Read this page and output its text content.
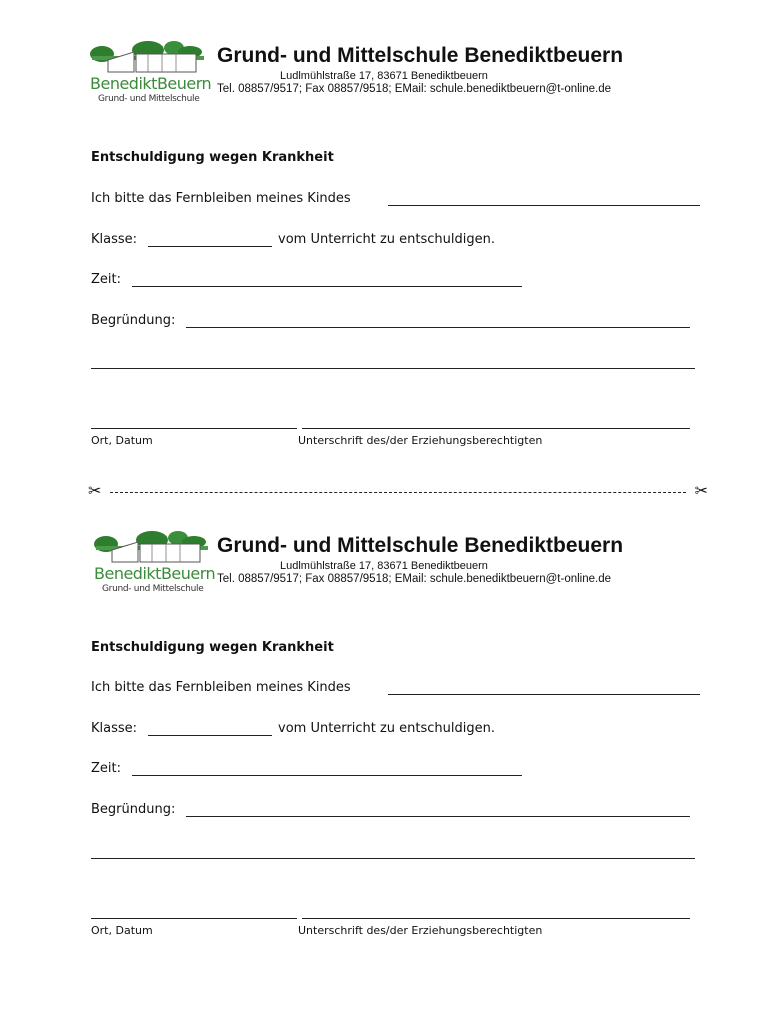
BenediktBeuern
Grund- und Mittelschule
Grund- und Mittelschule Benediktbeuern
Ludlmühlstraße 17, 83671 Benediktbeuern
Tel. 08857/9517; Fax 08857/9518; EMail: schule.benediktbeuern@t-online.de
Entschuldigung wegen Krankheit
Ich bitte das Fernbleiben meines Kindes
Klasse:	vom Unterricht zu entschuldigen.
Zeit:
Begründung:
Ort, Datum	Unterschrift des/der Erziehungsberechtigten
✂	✂
BenediktBeuern
Grund- und Mittelschule
Grund- und Mittelschule Benediktbeuern
Ludlmühlstraße 17, 83671 Benediktbeuern
Tel. 08857/9517; Fax 08857/9518; EMail: schule.benediktbeuern@t-online.de
Entschuldigung wegen Krankheit
Ich bitte das Fernbleiben meines Kindes
Klasse:	vom Unterricht zu entschuldigen.
Zeit:
Begründung:
Ort, Datum	Unterschrift des/der Erziehungsberechtigten
